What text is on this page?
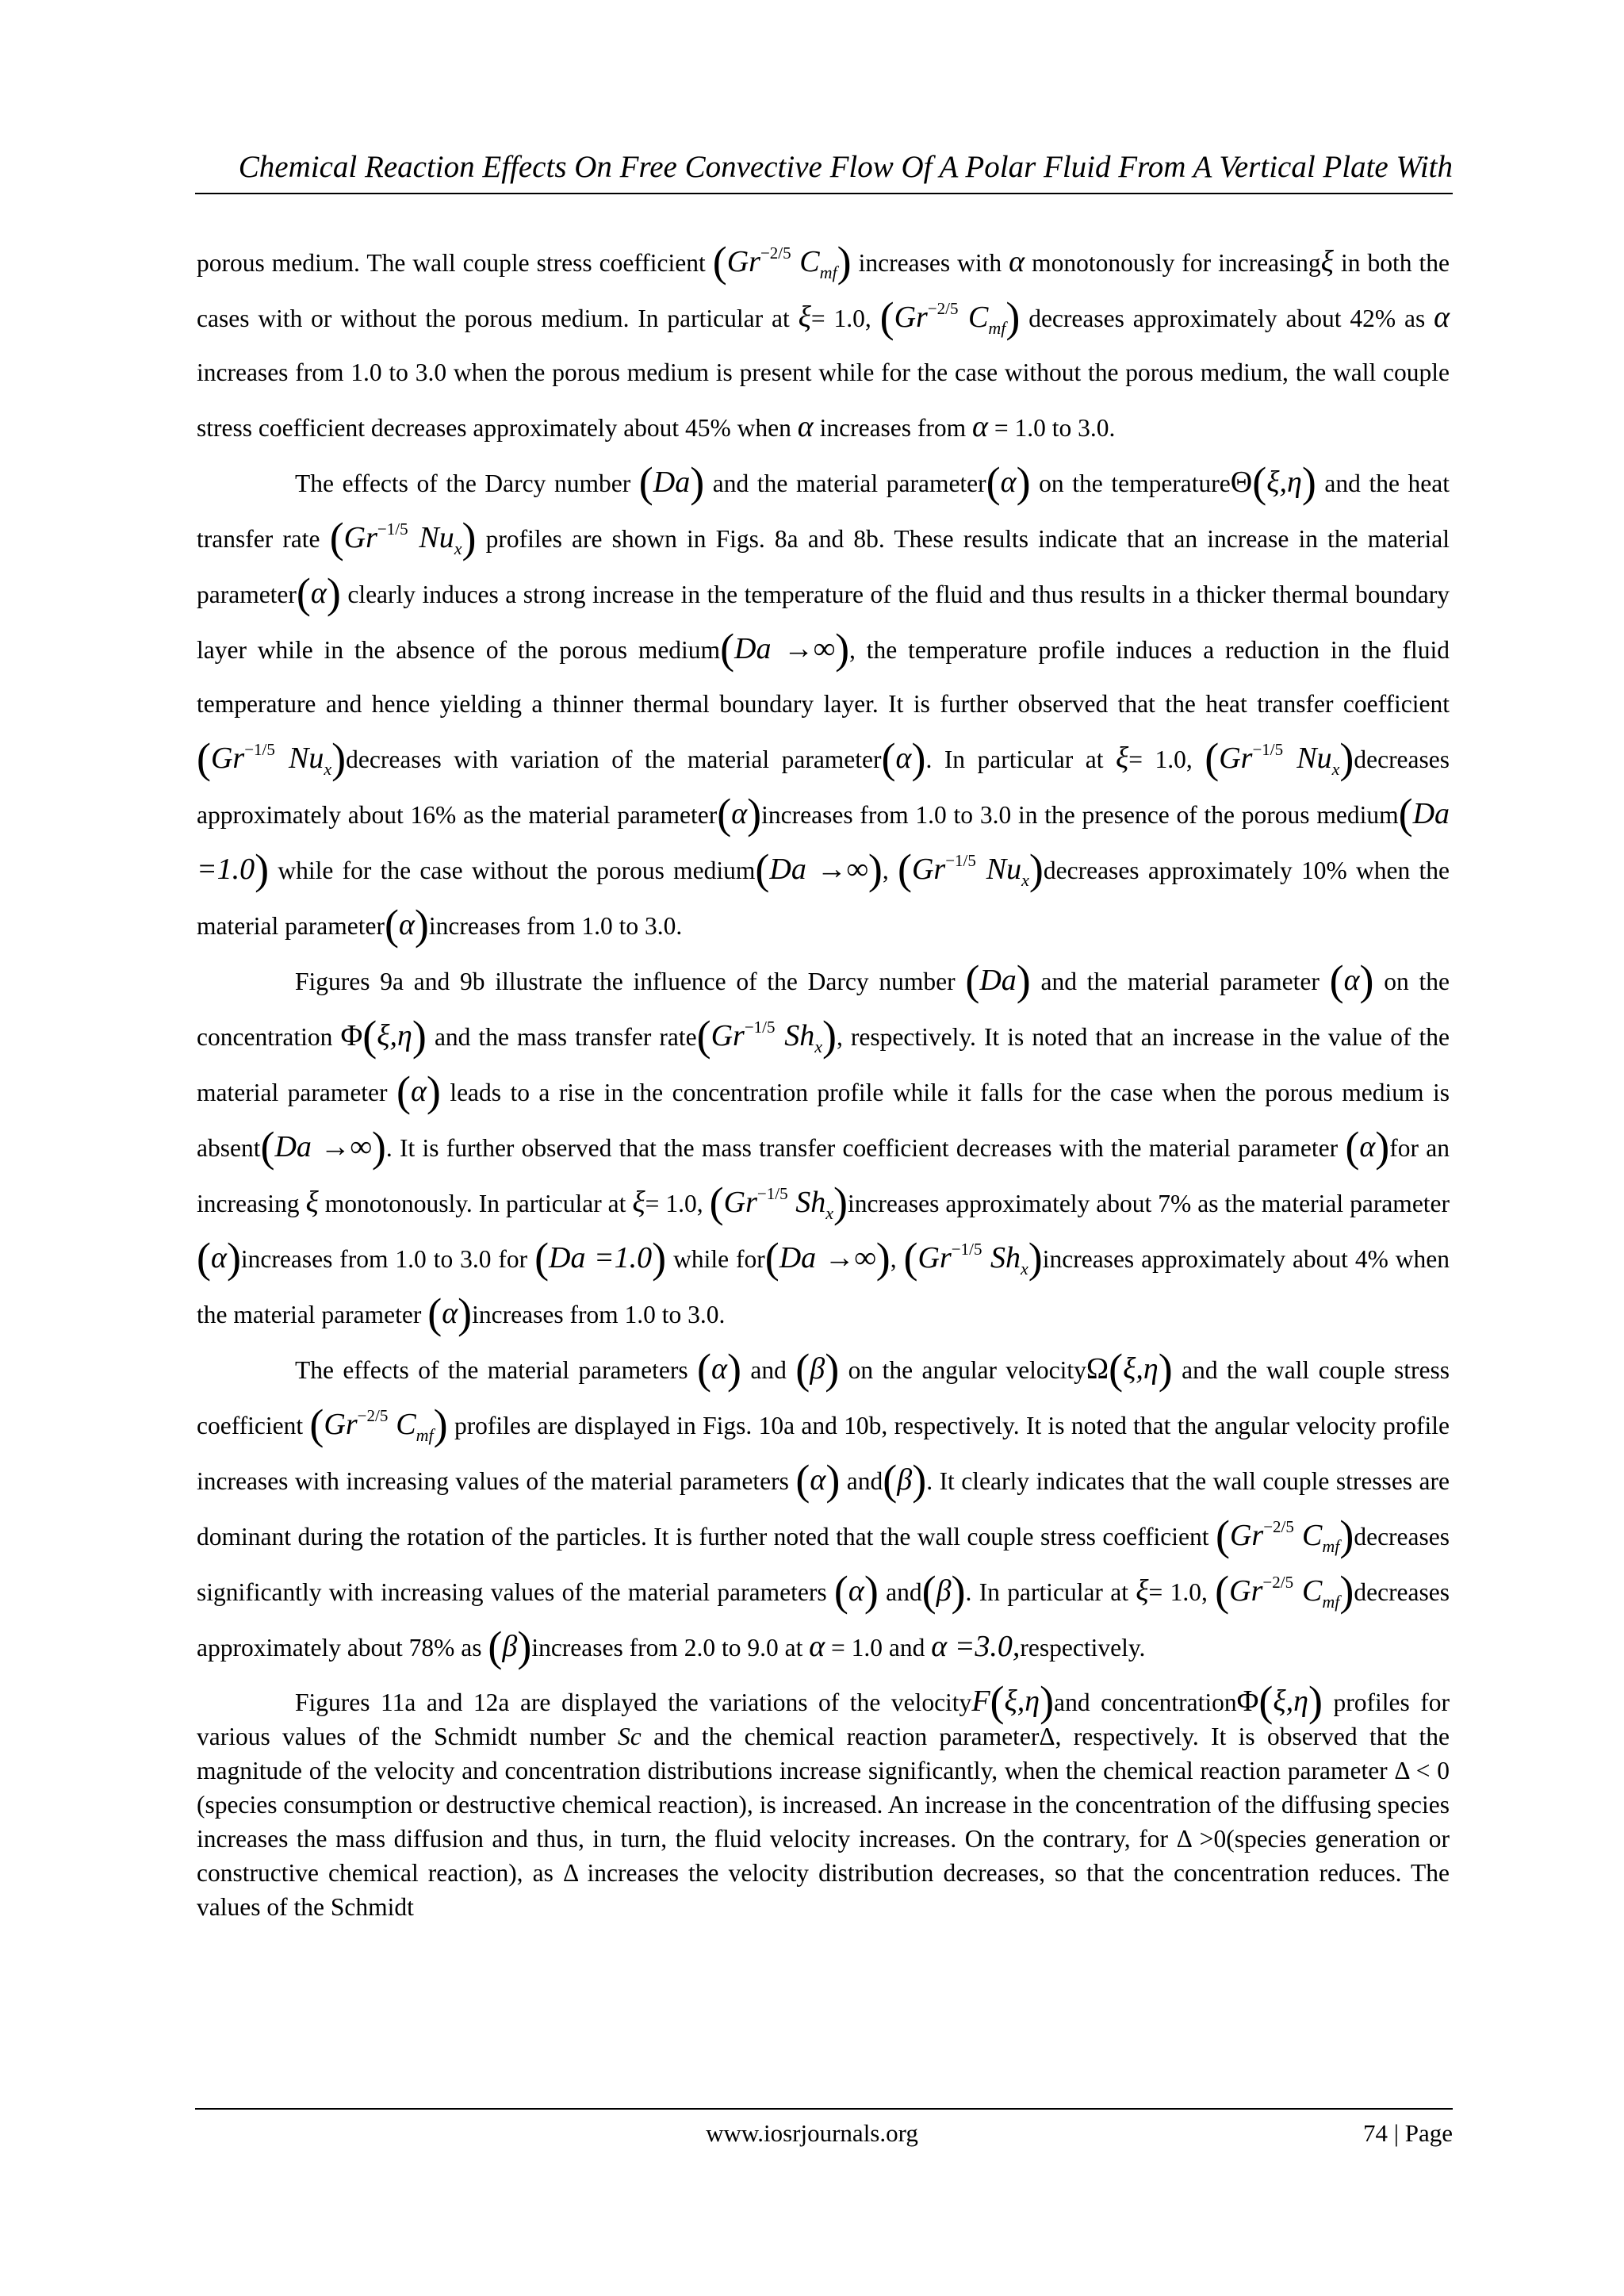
Chemical Reaction Effects On Free Convective Flow Of A Polar Fluid From A Vertical Plate With

porous medium. The wall couple stress coefficient ($Gr^{-2/5}$ $C_{mf}$) increases with α monotonously for increasingξ in both the cases with or without the porous medium. In particular at ξ= 1.0, ($Gr^{-2/5}$ $C_{mf}$) decreases approximately about 42% as α increases from 1.0 to 3.0 when the porous medium is present while for the case without the porous medium, the wall couple stress coefficient decreases approximately about 45% when α increases from α = 1.0 to 3.0.

The effects of the Darcy number (Da) and the material parameter(α) on the temperatureΘ(ξ,η) and the heat transfer rate ($Gr^{-1/5}$ $Nu_x$) profiles are shown in Figs. 8a and 8b. These results indicate that an increase in the material parameter(α) clearly induces a strong increase in the temperature of the fluid and thus results in a thicker thermal boundary layer while in the absence of the porous medium(Da →∞), the temperature profile induces a reduction in the fluid temperature and hence yielding a thinner thermal boundary layer. It is further observed that the heat transfer coefficient ($Gr^{-1/5}$ $Nu_x)decreases$ with variation of the material parameter(α). In particular at ξ= 1.0, ($Gr^{-1/5}$ $Nu_x)decreases$ approximately about 16% as the material parameter(α)increases from 1.0 to 3.0 in the presence of the porous medium(Da =1.0) while for the case without the porous medium(Da →∞), ($Gr^{-1/5}$ $Nu_x)decreases$ approximately 10% when the material parameter(α)increases from 1.0 to 3.0.

Figures 9a and 9b illustrate the influence of the Darcy number (Da) and the material parameter (α) on the concentration Φ(ξ,η) and the mass transfer $rate(Gr^{-1/5}$ $Sh_x$), respectively. It is noted that an increase in the value of the material parameter (α) leads to a rise in the concentration profile while it falls for the case when the porous medium is absent(Da →∞). It is further observed that the mass transfer coefficient decreases with the material parameter (α)for an increasing ξ monotonously. In particular at ξ= 1.0, ($Gr^{-1/5}$ $Sh_x)increases$ approximately about 7% as the material parameter (α)increases from 1.0 to 3.0 for (Da =1.0) while for(Da →∞), ($Gr^{-1/5}$ $Sh_x)increases$ approximately about 4% when the material parameter (α)increases from 1.0 to 3.0.

The effects of the material parameters (α) and (β) on the angular velocityΩ(ξ,η) and the wall couple stress coefficient ($Gr^{-2/5}$ $C_{mf}$) profiles are displayed in Figs. 10a and 10b, respectively. It is noted that the angular velocity profile increases with increasing values of the material parameters (α) and(β). It clearly indicates that the wall couple stresses are dominant during the rotation of the particles. It is further noted that the wall couple stress coefficient ($Gr^{-2/5}$ $C_{mf})decreases$ significantly with increasing values of the material parameters (α) and(β). In particular at ξ= 1.0, ($Gr^{-2/5}$ $C_{mf})decreases$ approximately about 78% as (β)increases from 2.0 to 9.0 at α = 1.0 and α =3.0,respectively.

Figures 11a and 12a are displayed the variations of the velocityF(ξ,η)and concentrationΦ(ξ,η) profiles for various values of the Schmidt number Sc and the chemical reaction parameterΔ, respectively. It is observed that the magnitude of the velocity and concentration distributions increase significantly, when the chemical reaction parameter Δ < 0 (species consumption or destructive chemical reaction), is increased. An increase in the concentration of the diffusing species increases the mass diffusion and thus, in turn, the fluid velocity increases. On the contrary, for Δ >0(species generation or constructive chemical reaction), as Δ increases the velocity distribution decreases, so that the concentration reduces. The values of the Schmidt

www.iosrjournals.org	74 | Page
